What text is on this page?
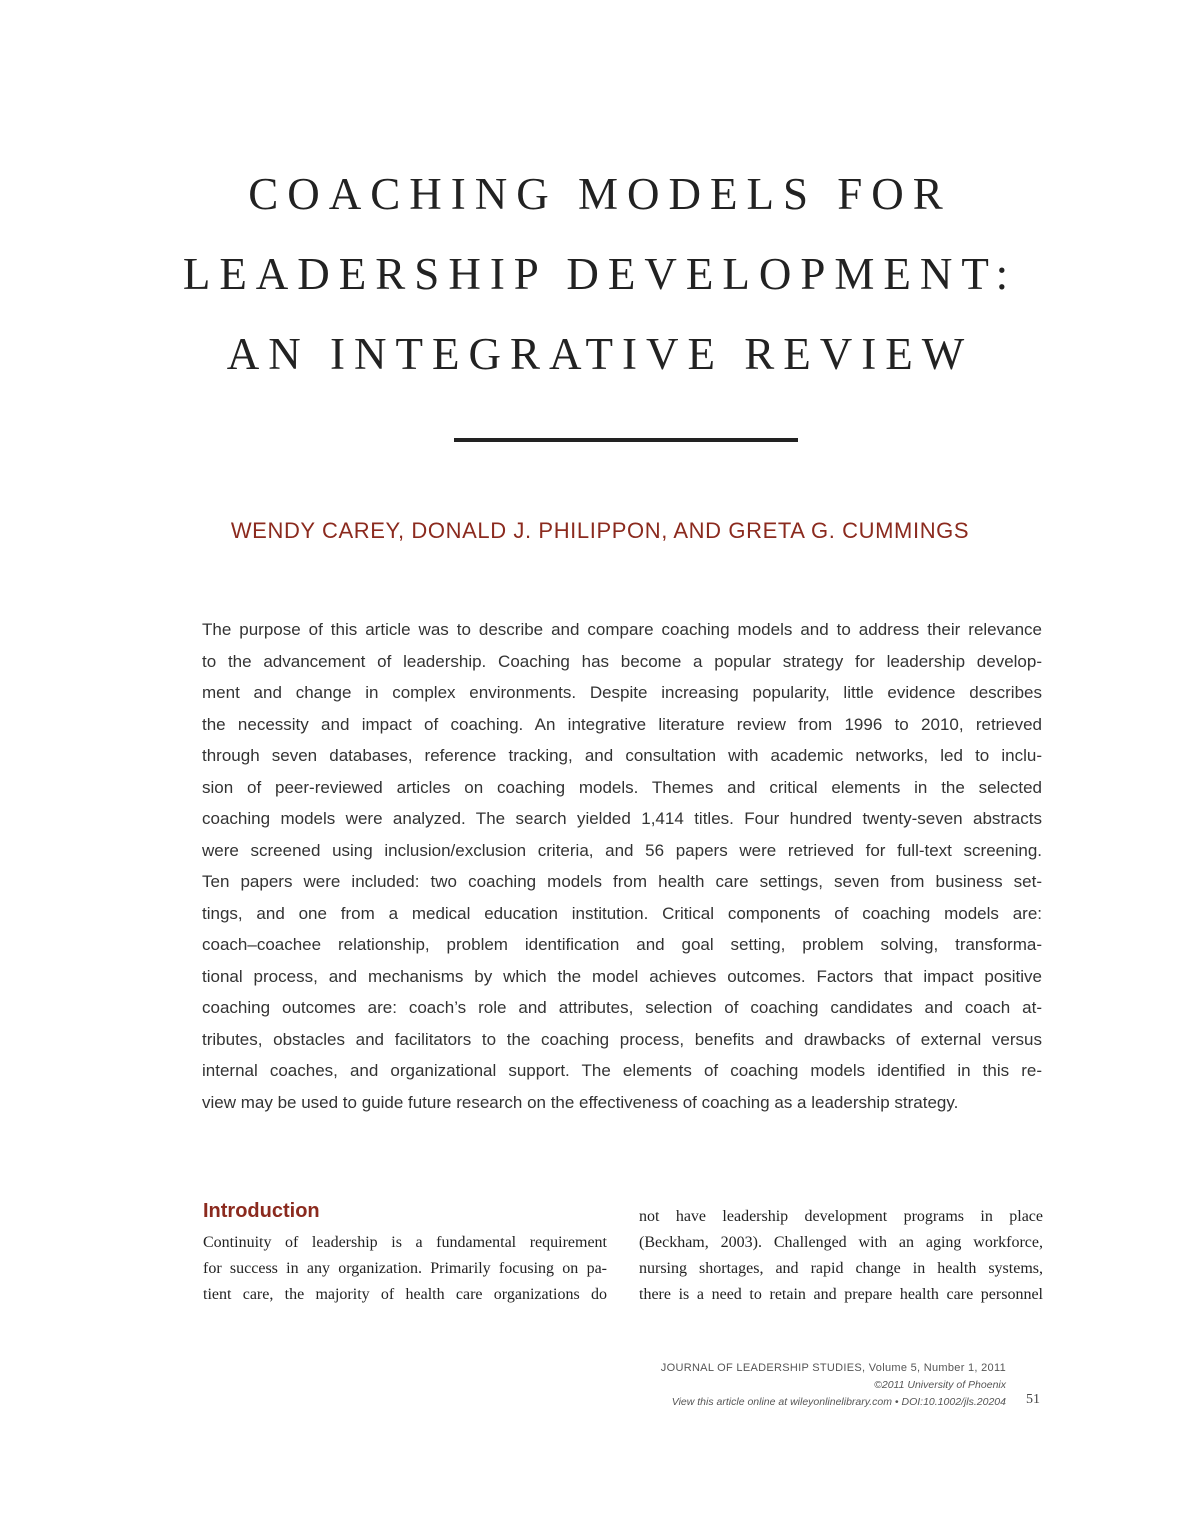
COACHING MODELS FOR
LEADERSHIP DEVELOPMENT:
AN INTEGRATIVE REVIEW
WENDY CAREY, DONALD J. PHILIPPON, AND GRETA G. CUMMINGS
The purpose of this article was to describe and compare coaching models and to address their relevance
to the advancement of leadership. Coaching has become a popular strategy for leadership develop-
ment and change in complex environments. Despite increasing popularity, little evidence describes
the necessity and impact of coaching. An integrative literature review from 1996 to 2010, retrieved
through seven databases, reference tracking, and consultation with academic networks, led to inclu-
sion of peer-reviewed articles on coaching models. Themes and critical elements in the selected
coaching models were analyzed. The search yielded 1,414 titles. Four hundred twenty-seven abstracts
were screened using inclusion/exclusion criteria, and 56 papers were retrieved for full-text screening.
Ten papers were included: two coaching models from health care settings, seven from business set-
tings, and one from a medical education institution. Critical components of coaching models are:
coach–coachee relationship, problem identification and goal setting, problem solving, transforma-
tional process, and mechanisms by which the model achieves outcomes. Factors that impact positive
coaching outcomes are: coach’s role and attributes, selection of coaching candidates and coach at-
tributes, obstacles and facilitators to the coaching process, benefits and drawbacks of external versus
internal coaches, and organizational support. The elements of coaching models identified in this re-
view may be used to guide future research on the effectiveness of coaching as a leadership strategy.
Introduction
Continuity of leadership is a fundamental requirement
for success in any organization. Primarily focusing on pa-
tient care, the majority of health care organizations do
not have leadership development programs in place
(Beckham, 2003). Challenged with an aging workforce,
nursing shortages, and rapid change in health systems,
there is a need to retain and prepare health care personnel
JOURNAL OF LEADERSHIP STUDIES, Volume 5, Number 1, 2011
©2011 University of Phoenix
View this article online at wileyonlinelibrary.com • DOI:10.1002/jls.20204 51
